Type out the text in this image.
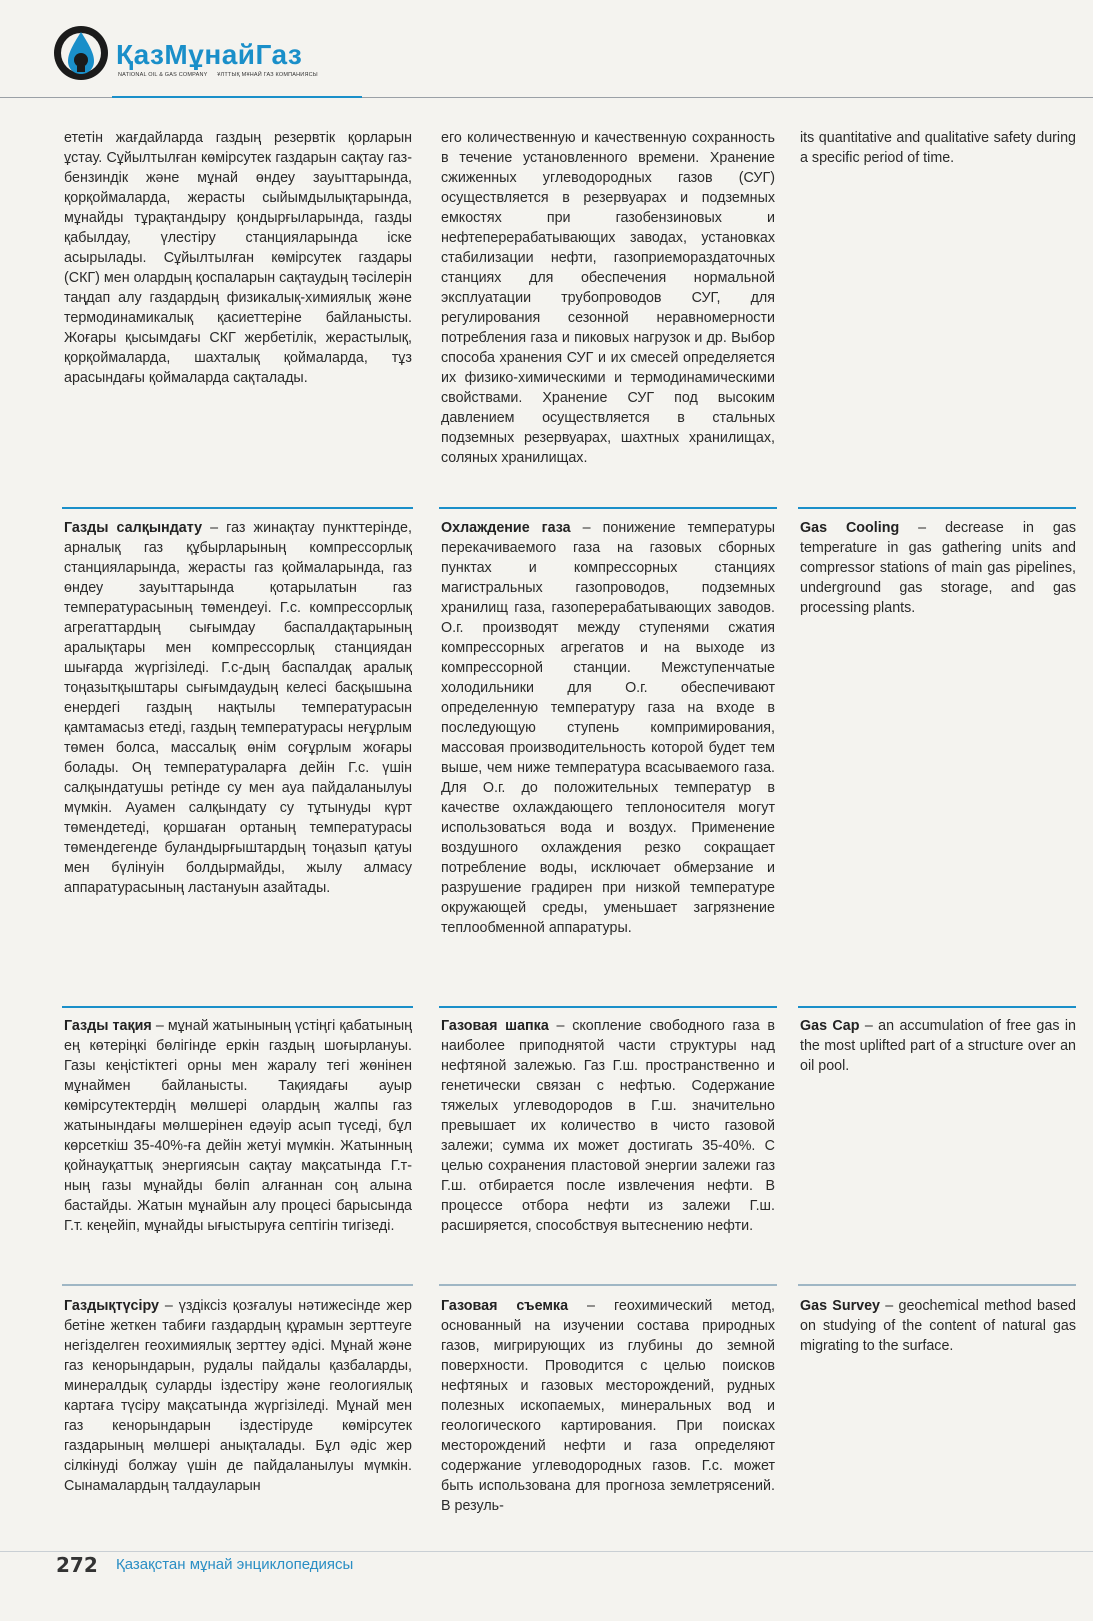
ҚазМұнайГаз
NATIONAL OIL & GAS COMPANY ҰЛТТЫҚ МҰНАЙ ГАЗ КОМПАНИЯСЫ

ететін жағдайларда газдың резервтік қорларын ұстау. Сұйылтылған көмірсутек газдарын сақтау газ-бензиндік және мұнай өндеу зауыттарында, қорқоймаларда, жерасты сыйымдылықтарында, мұнайды тұрақтандыру қондырғыларында, газды қабылдау, үлестіру станцияларында іске асырылады. Сұйылтылған көмірсутек газдары (СКГ) мен олардың қоспаларын сақтаудың тәсілерін таңдап алу газдардың физикалық-химиялық және термодинамикалық қасиеттеріне байланысты. Жоғары қысымдағы СКГ жербетілік, жерастылық, қорқоймаларда, шахталық қоймаларда, тұз арасындағы қоймаларда сақталады.

его количественную и качественную сохранность в течение установленного времени. Хранение сжиженных углеводородных газов (СУГ) осуществляется в резервуарах и подземных емкостях при газобензиновых и нефтеперерабатывающих заводах, установках стабилизации нефти, газоприемораздаточных станциях для обеспечения нормальной эксплуатации трубопроводов СУГ, для регулирования сезонной неравномерности потребления газа и пиковых нагрузок и др. Выбор способа хранения СУГ и их смесей определяется их физико-химическими и термодинамическими свойствами. Хранение СУГ под высоким давлением осуществляется в стальных подземных резервуарах, шахтных хранилищах, соляных хранилищах.

its quantitative and qualitative safety during a specific period of time.

Газды салқындату – газ жинақтау пункттерінде, арналық газ құбырларының компрессорлық станцияларында, жерасты газ қоймаларында, газ өндеу зауыттарында қотарылатын газ температурасының төмендеуі. Г.с. компрессорлық агрегаттардың сығымдау баспалдақтарының аралықтары мен компрессорлық станциядан шығарда жүргізіледі. Г.с-дың баспалдақ аралық тоңазытқыштары сығымдаудың келесі басқышына енердегі газдың нақтылы температурасын қамтамасыз етеді, газдың температурасы неғұрлым төмен болса, массалық өнім соғұрлым жоғары болады. Оң температураларға дейін Г.с. үшін салқындатушы ретінде су мен ауа пайдаланылуы мүмкін. Ауамен салқындату су тұтынуды күрт төмендетеді, қоршаған ортаның температурасы төмендегенде буландырғыштардың тоңазып қатуы мен бүлінуін болдырмайды, жылу алмасу аппаратурасының ластануын азайтады.

Охлаждение газа – понижение температуры перекачиваемого газа на газовых сборных пунктах и компрессорных станциях магистральных газопроводов, подземных хранилищ газа, газоперерабатывающих заводов. О.г. производят между ступенями сжатия компрессорных агрегатов и на выходе из компрессорной станции. Межступенчатые холодильники для О.г. обеспечивают определенную температуру газа на входе в последующую ступень компримирования, массовая производительность которой будет тем выше, чем ниже температура всасываемого газа. Для О.г. до положительных температур в качестве охлаждающего теплоносителя могут использоваться вода и воздух. Применение воздушного охлаждения резко сокращает потребление воды, исключает обмерзание и разрушение градирен при низкой температуре окружающей среды, уменьшает загрязнение теплообменной аппаратуры.

Gas Cooling – decrease in gas temperature in gas gathering units and compressor stations of main gas pipelines, underground gas storage, and gas processing plants.

Газды тақия – мұнай жатынының үстіңгі қабатының ең көтеріңкі бөлігінде еркін газдың шоғырлануы. Газы кеңістіктегі орны мен жаралу тегі жөнінен мұнаймен байланысты. Тақиядағы ауыр көмірсутектердің мөлшері олардың жалпы газ жатынындағы мөлшерінен едәуір асып түседі, бұл көрсеткіш 35-40%-ға дейін жетуі мүмкін. Жатынның қойнауқаттық энергиясын сақтау мақсатында Г.т-ның газы мұнайды бөліп алғаннан соң алына бастайды. Жатын мұнайын алу процесі барысында Г.т. кеңейіп, мұнайды ығыстыруға септігін тигізеді.

Газовая шапка – скопление свободного газа в наиболее приподнятой части структуры над нефтяной залежью. Газ Г.ш. пространственно и генетически связан с нефтью. Содержание тяжелых углеводородов в Г.ш. значительно превышает их количество в чисто газовой залежи; сумма их может достигать 35-40%. С целью сохранения пластовой энергии залежи газ Г.ш. отбирается после извлечения нефти. В процессе отбора нефти из залежи Г.ш. расширяется, способствуя вытеснению нефти.

Gas Cap – an accumulation of free gas in the most uplifted part of a structure over an oil pool.

Газдықтүсіру – үздіксіз қозғалуы нәтижесінде жер бетіне жеткен табиғи газдардың құрамын зерттеуге негізделген геохимиялық зерттеу әдісі. Мұнай және газ кенорындарын, рудалы пайдалы қазбаларды, минералдық суларды іздестіру және геологиялық картаға түсіру мақсатында жүргізіледі. Мұнай мен газ кенорындарын іздестіруде көмірсутек газдарының мөлшері анықталады. Бұл әдіс жер сілкінуді болжау үшін де пайдаланылуы мүмкін. Сынамалардың талдауларын

Газовая съемка – геохимический метод, основанный на изучении состава природных газов, мигрирующих из глубины до земной поверхности. Проводится с целью поисков нефтяных и газовых месторождений, рудных полезных ископаемых, минеральных вод и геологического картирования. При поисках месторождений нефти и газа определяют содержание углеводородных газов. Г.с. может быть использована для прогноза землетрясений. В резуль-

Gas Survey – geochemical method based on studying of the content of natural gas migrating to the surface.

272 Қазақстан мұнай энциклопедиясы
